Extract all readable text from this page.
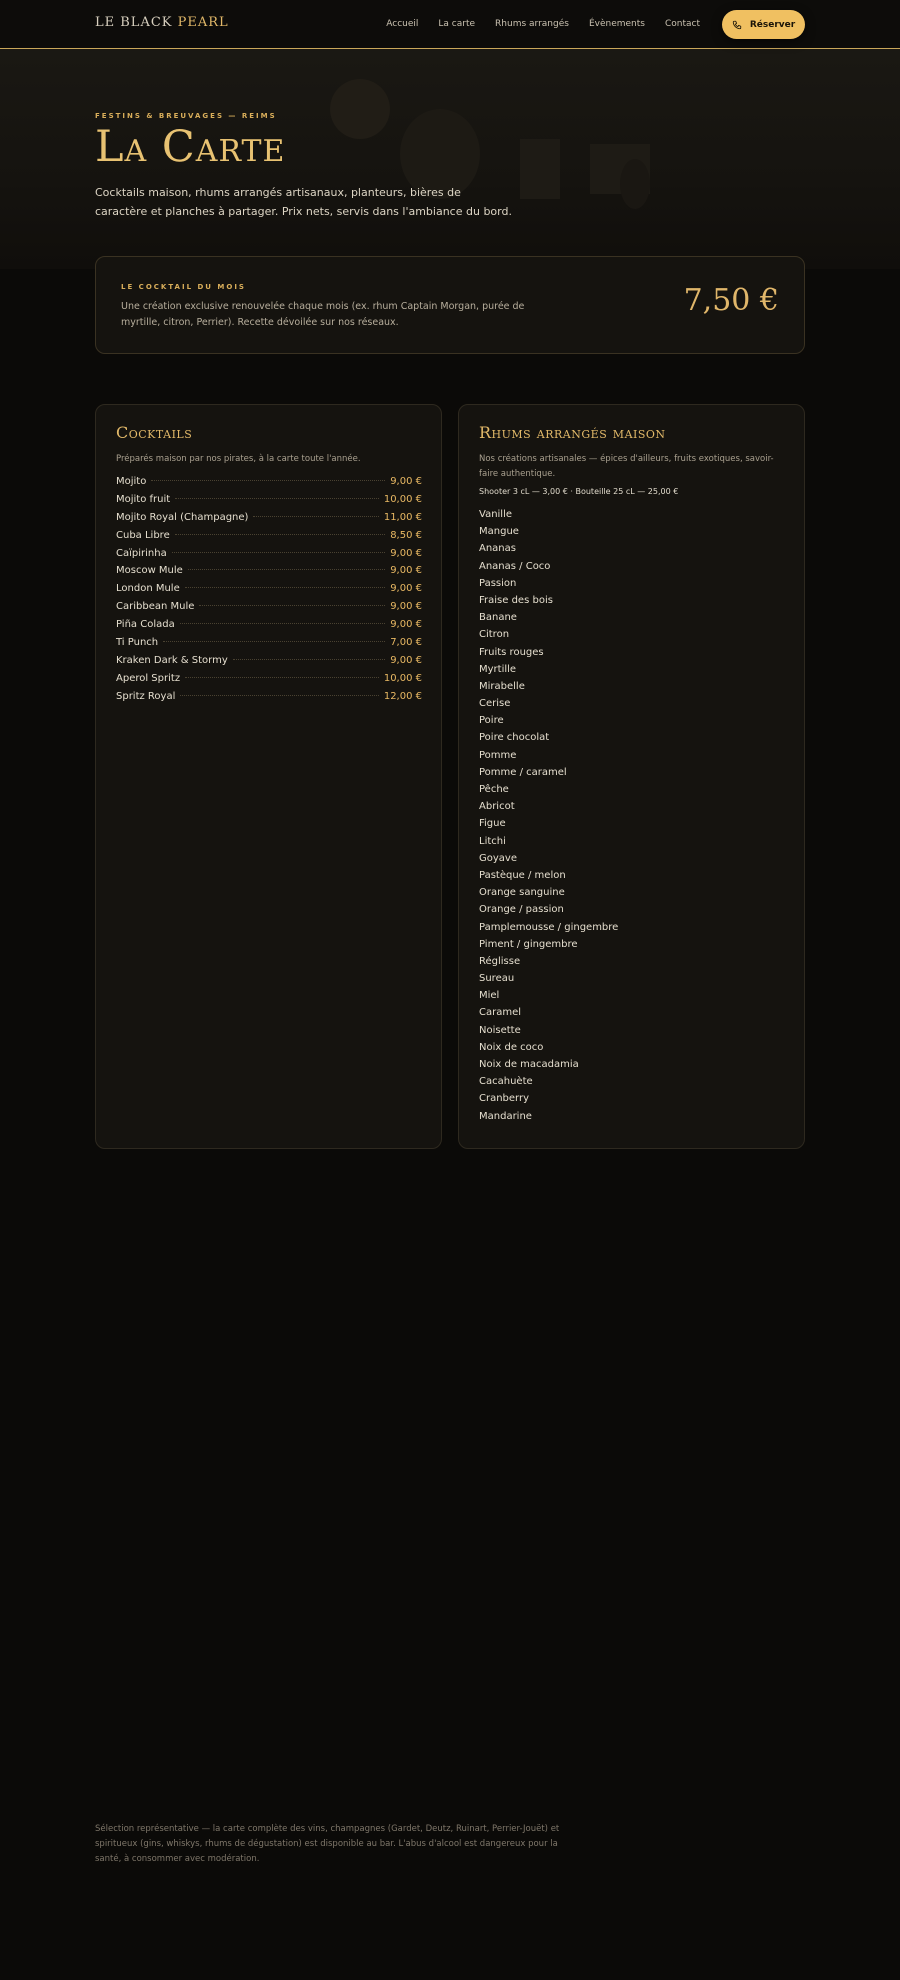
LE BLACK PEARL	Accueil La carte Rhums arrangés Évènements Contact	Réserver
FESTINS & BREUVAGES — REIMS
La Carte
Cocktails maison, rhums arrangés artisanaux, planteurs, bières de caractère et planches à partager. Prix nets, servis dans l'ambiance du bord.
LE COCKTAIL DU MOIS
Une création exclusive renouvelée chaque mois (ex. rhum Captain Morgan, purée de myrtille, citron, Perrier). Recette dévoilée sur nos réseaux.
7,50 €
Cocktails
Préparés maison par nos pirates, à la carte toute l'année.
Mojito	9,00 €
Mojito fruit	10,00 €
Mojito Royal (Champagne)	11,00 €
Cuba Libre	8,50 €
Caïpirinha	9,00 €
Moscow Mule	9,00 €
London Mule	9,00 €
Caribbean Mule	9,00 €
Piña Colada	9,00 €
Ti Punch	7,00 €
Kraken Dark & Stormy	9,00 €
Aperol Spritz	10,00 €
Spritz Royal	12,00 €
Rhums arrangés maison
Nos créations artisanales — épices d'ailleurs, fruits exotiques, savoir-faire authentique.
Shooter 3 cL — 3,00 € · Bouteille 25 cL — 25,00 €
Vanille
Mangue
Ananas
Ananas / Coco
Passion
Fraise des bois
Banane
Citron
Fruits rouges
Myrtille
Mirabelle
Cerise
Poire
Poire chocolat
Pomme
Pomme / caramel
Pêche
Abricot
Figue
Litchi
Goyave
Pastèque / melon
Orange sanguine
Orange / passion
Pamplemousse / gingembre
Piment / gingembre
Réglisse
Sureau
Miel
Caramel
Noisette
Noix de coco
Noix de macadamia
Cacahuète
Cranberry
Mandarine
Sélection représentative — la carte complète des vins, champagnes (Gardet, Deutz, Ruinart, Perrier-Jouët) et spiritueux (gins, whiskys, rhums de dégustation) est disponible au bar. L'abus d'alcool est dangereux pour la santé, à consommer avec modération.
